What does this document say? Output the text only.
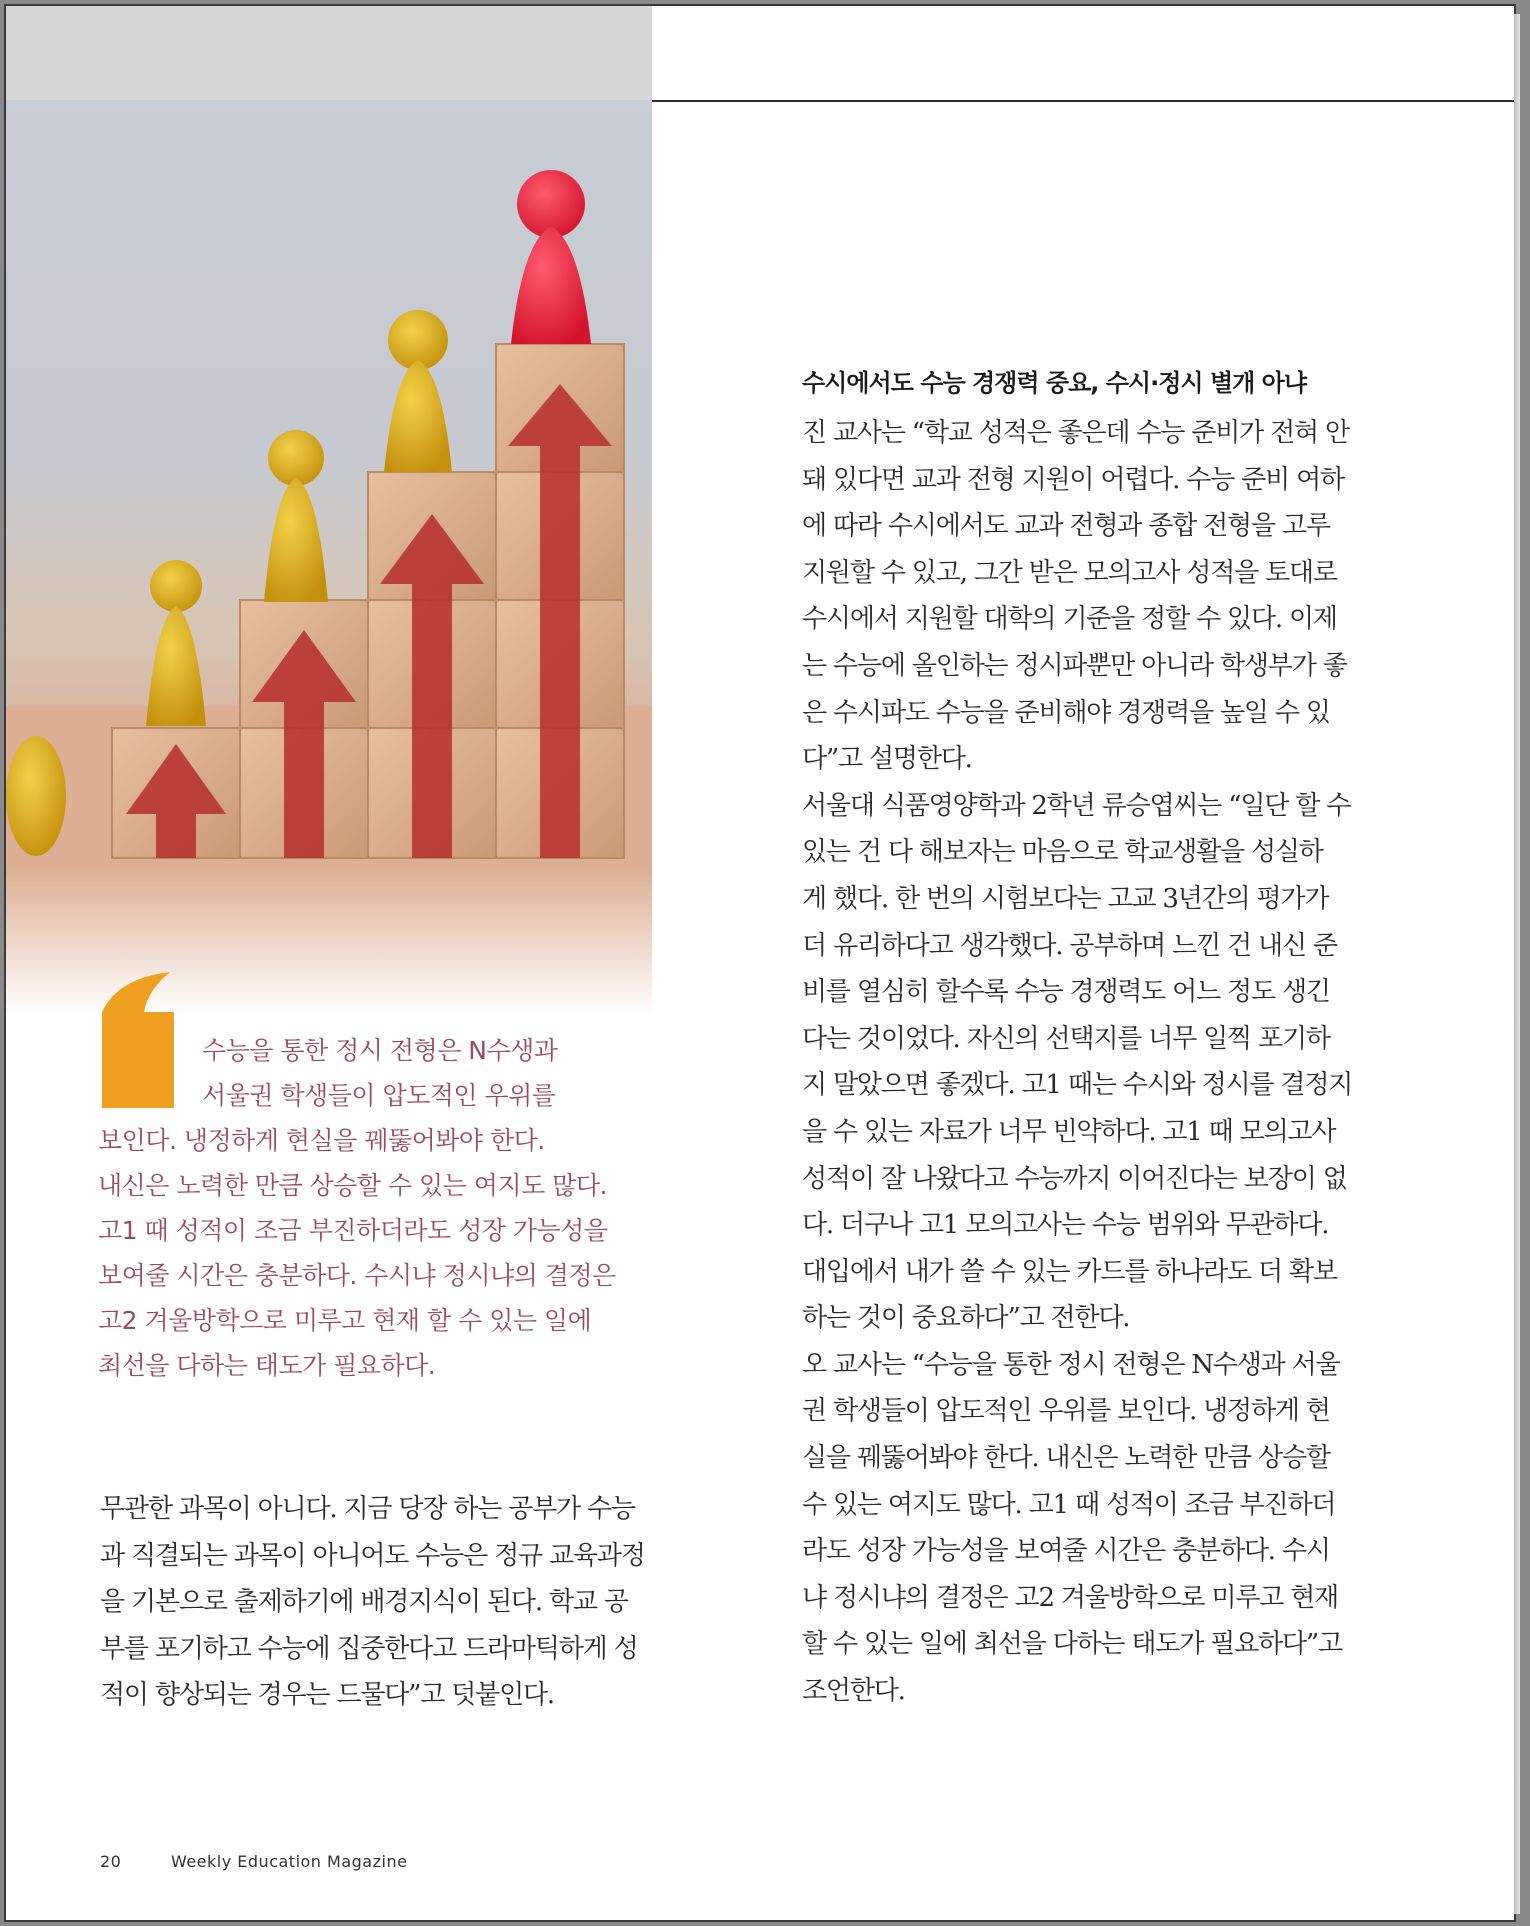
수능을 통한 정시 전형은 N수생과
서울권 학생들이 압도적인 우위를
보인다. 냉정하게 현실을 꿰뚫어봐야 한다.
내신은 노력한 만큼 상승할 수 있는 여지도 많다.
고1 때 성적이 조금 부진하더라도 성장 가능성을
보여줄 시간은 충분하다. 수시냐 정시냐의 결정은
고2 겨울방학으로 미루고 현재 할 수 있는 일에
최선을 다하는 태도가 필요하다.
무관한 과목이 아니다. 지금 당장 하는 공부가 수능
과 직결되는 과목이 아니어도 수능은 정규 교육과정
을 기본으로 출제하기에 배경지식이 된다. 학교 공
부를 포기하고 수능에 집중한다고 드라마틱하게 성
적이 향상되는 경우는 드물다”고 덧붙인다.
수시에서도 수능 경쟁력 중요, 수시·정시 별개 아냐
진 교사는 “학교 성적은 좋은데 수능 준비가 전혀 안
돼 있다면 교과 전형 지원이 어렵다. 수능 준비 여하
에 따라 수시에서도 교과 전형과 종합 전형을 고루
지원할 수 있고, 그간 받은 모의고사 성적을 토대로
수시에서 지원할 대학의 기준을 정할 수 있다. 이제
는 수능에 올인하는 정시파뿐만 아니라 학생부가 좋
은 수시파도 수능을 준비해야 경쟁력을 높일 수 있
다”고 설명한다.
서울대 식품영양학과 2학년 류승엽씨는 “일단 할 수
있는 건 다 해보자는 마음으로 학교생활을 성실하
게 했다. 한 번의 시험보다는 고교 3년간의 평가가
더 유리하다고 생각했다. 공부하며 느낀 건 내신 준
비를 열심히 할수록 수능 경쟁력도 어느 정도 생긴
다는 것이었다. 자신의 선택지를 너무 일찍 포기하
지 말았으면 좋겠다. 고1 때는 수시와 정시를 결정지
을 수 있는 자료가 너무 빈약하다. 고1 때 모의고사
성적이 잘 나왔다고 수능까지 이어진다는 보장이 없
다. 더구나 고1 모의고사는 수능 범위와 무관하다.
대입에서 내가 쓸 수 있는 카드를 하나라도 더 확보
하는 것이 중요하다”고 전한다.
오 교사는 “수능을 통한 정시 전형은 N수생과 서울
권 학생들이 압도적인 우위를 보인다. 냉정하게 현
실을 꿰뚫어봐야 한다. 내신은 노력한 만큼 상승할
수 있는 여지도 많다. 고1 때 성적이 조금 부진하더
라도 성장 가능성을 보여줄 시간은 충분하다. 수시
냐 정시냐의 결정은 고2 겨울방학으로 미루고 현재
할 수 있는 일에 최선을 다하는 태도가 필요하다”고
조언한다.
20	Weekly Education Magazine
